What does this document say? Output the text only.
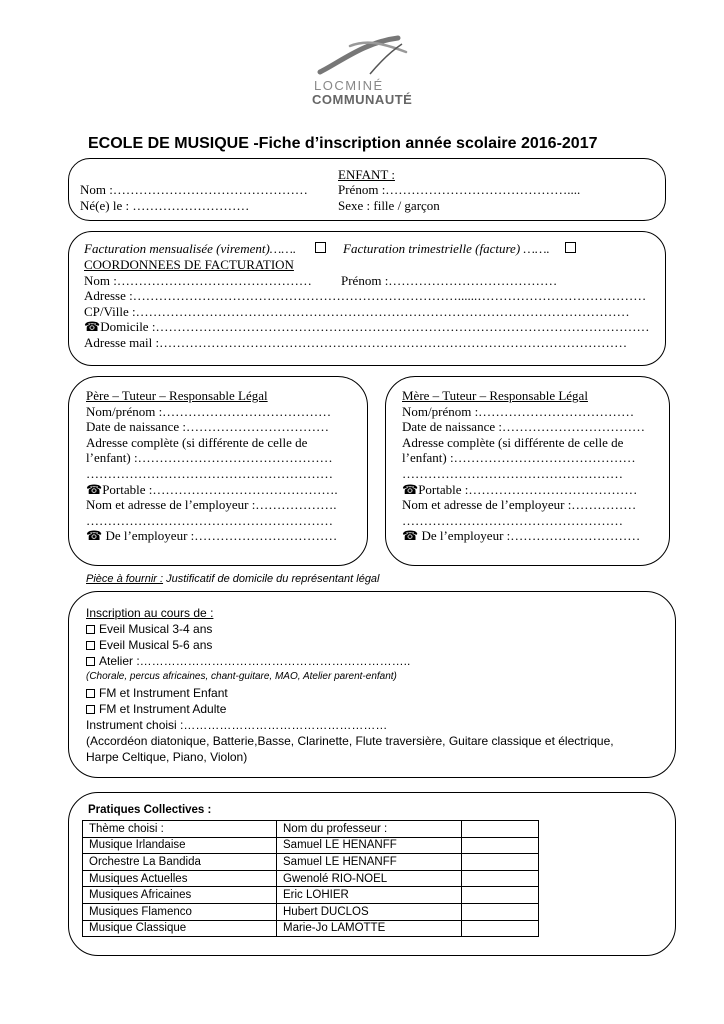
LOCMINÉ
COMMUNAUTÉ
ECOLE DE MUSIQUE -Fiche d’inscription année scolaire 2016-2017
ENFANT :
Nom :……………………………………… Prénom :……………………………………....
Né(e) le : ………………………	Sexe : fille / garçon
Facturation mensualisée (virement)…….	Facturation trimestrielle (facture) …….
COORDONNEES DE FACTURATION
Nom :……………………………………… Prénom :…………………………………
Adresse :…………………………………………………………………......…………………………………
CP/Ville :……………………………………………………………………………………………………
☎Domicile :……………………………………………………………………………………………………
Adresse mail :………………………………………………………………………………………………
Père – Tuteur – Responsable Légal
Nom/prénom :…………………………………
Date de naissance :……………………………
Adresse complète (si différente de celle de
l’enfant) :………………………………………
…………………………………………………
☎Portable :…………………………………….
Nom et adresse de l’employeur :……………….
…………………………………………………
☎ De l’employeur :……………………………
Mère – Tuteur – Responsable Légal
Nom/prénom :………………………………
Date de naissance :……………………………
Adresse complète (si différente de celle de
l’enfant) :……………………………………
……………………………………………
☎Portable :…………………………………
Nom et adresse de l’employeur :……………
……………………………………………
☎ De l’employeur :…………………………
Pièce à fournir : Justificatif de domicile du représentant légal
Inscription au cours de :
Eveil Musical 3-4 ans
Eveil Musical 5-6 ans
Atelier :…………………………………………………………..
(Chorale, percus africaines, chant-guitare, MAO, Atelier parent-enfant)
FM et Instrument Enfant
FM et Instrument Adulte
Instrument choisi :……………………………………………
(Accordéon diatonique, Batterie,Basse, Clarinette, Flute traversière, Guitare classique et électrique,
Harpe Celtique, Piano, Violon)
Pratiques Collectives :
Thème choisi :	Nom du professeur :	
Musique Irlandaise	Samuel LE HENANFF	
Orchestre La Bandida	Samuel LE HENANFF	
Musiques Actuelles	Gwenolé RIO-NOEL	
Musiques Africaines	Eric LOHIER	
Musiques Flamenco	Hubert DUCLOS	
Musique Classique	Marie-Jo LAMOTTE	
